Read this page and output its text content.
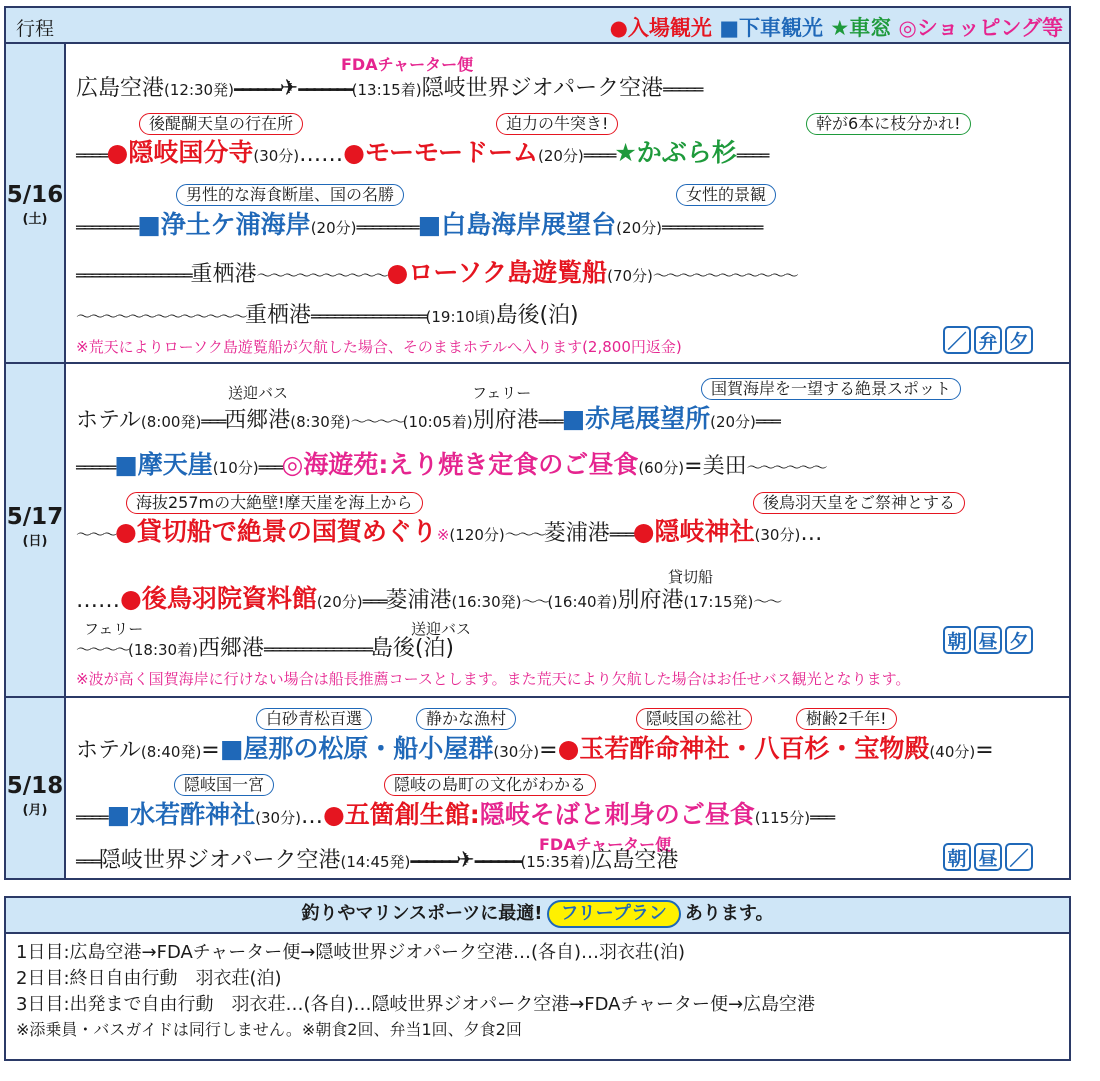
行程	●入場観光 ■下車観光 ★車窓 ◎ショッピング等
5/16
(土)
FDAチャーター便
広島空港(12:30発)━━━━━━✈━━━━━━━(13:15着)隠岐世界ジオパーク空港═════
後醍醐天皇の行在所	迫力の牛突き!	幹が6本に枝分かれ!
════●隠岐国分寺(30分)……●モーモードーム(20分)════★かぶら杉════
男性的な海食断崖、国の名勝	女性的景観
════════■浄土ケ浦海岸(20分)════════■白島海岸展望台(20分)═════════════
═══════════════重栖港〜〜〜〜〜〜〜〜〜〜●ローソク島遊覧船(70分)〜〜〜〜〜〜〜〜〜〜〜
〜〜〜〜〜〜〜〜〜〜〜〜〜重栖港═══════════════(19:10頃)島後(泊)
※荒天によりローソク島遊覧船が欠航した場合、そのままホテルへ入ります(2,800円返金)	／ 弁 夕
5/17
(日)
送迎バス	フェリー	国賀海岸を一望する絶景スポット
ホテル(8:00発)═══西郷港(8:30発)〜〜〜〜(10:05着)別府港═══■赤尾展望所(20分)═══
═════■摩天崖(10分)═══◎海遊苑:えり焼き定食のご昼食(60分)=美田〜〜〜〜〜〜
海抜257mの大絶壁!摩天崖を海上から	後鳥羽天皇をご祭神とする
〜〜〜●貸切船で絶景の国賀めぐり※(120分)〜〜〜菱浦港═══●隠岐神社(30分)…
貸切船
……●後鳥羽院資料館(20分)═══菱浦港(16:30発)〜〜(16:40着)別府港(17:15発)〜〜
フェリー	送迎バス
〜〜〜〜(18:30着)西郷港══════════════島後(泊)	朝 昼 夕
※波が高く国賀海岸に行けない場合は船長推薦コースとします。また荒天により欠航した場合はお任せバス観光となります。
5/18
(月)
白砂青松百選	静かな漁村	隠岐国の総社	樹齢2千年!
ホテル(8:40発)=■屋那の松原・船小屋群(30分)=●玉若酢命神社・八百杉・宝物殿(40分)=
隠岐国一宮	隠岐の島町の文化がわかる
════■水若酢神社(30分)…●五箇創生館:隠岐そばと刺身のご昼食(115分)═══
FDAチャーター便
═══隠岐世界ジオパーク空港(14:45発)━━━━━━✈━━━━━━(15:35着)広島空港	朝 昼 ／
釣りやマリンスポーツに最適! フリープラン あります。
1日目:広島空港→FDAチャーター便→隠岐世界ジオパーク空港…(各自)…羽衣荘(泊)
2日目:終日自由行動　羽衣荘(泊)
3日目:出発まで自由行動　羽衣荘…(各自)…隠岐世界ジオパーク空港→FDAチャーター便→広島空港
※添乗員・バスガイドは同行しません。※朝食2回、弁当1回、夕食2回
